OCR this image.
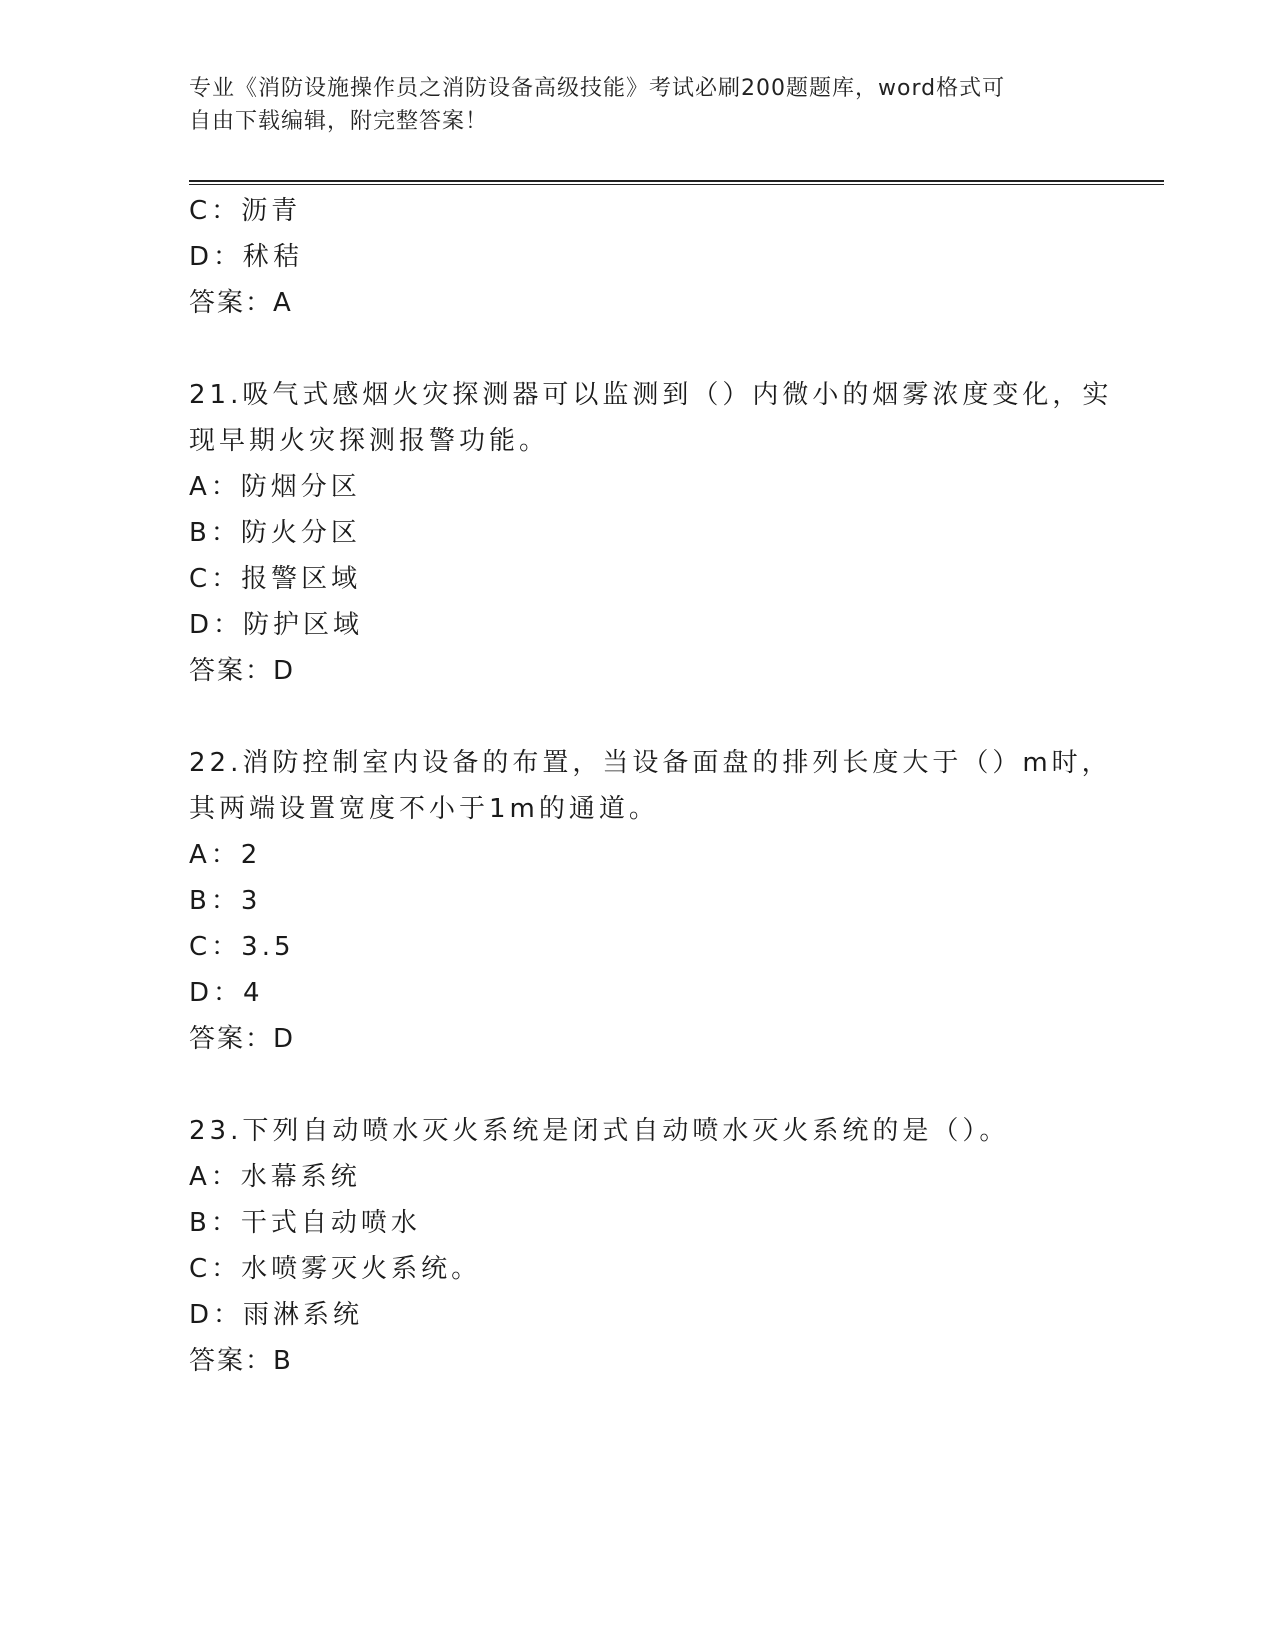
专业《消防设施操作员之消防设备高级技能》考试必刷200题题库，word格式可
自由下载编辑，附完整答案！
C：沥青
D：秫秸
答案：A
21.吸气式感烟火灾探测器可以监测到（）内微小的烟雾浓度变化，实
现早期火灾探测报警功能。
A：防烟分区
B：防火分区
C：报警区域
D：防护区域
答案：D
22.消防控制室内设备的布置，当设备面盘的排列长度大于（）m时，
其两端设置宽度不小于1m的通道。
A：2
B：3
C：3.5
D：4
答案：D
23.下列自动喷水灭火系统是闭式自动喷水灭火系统的是（）。
A：水幕系统
B：干式自动喷水
C：水喷雾灭火系统。
D：雨淋系统
答案：B
